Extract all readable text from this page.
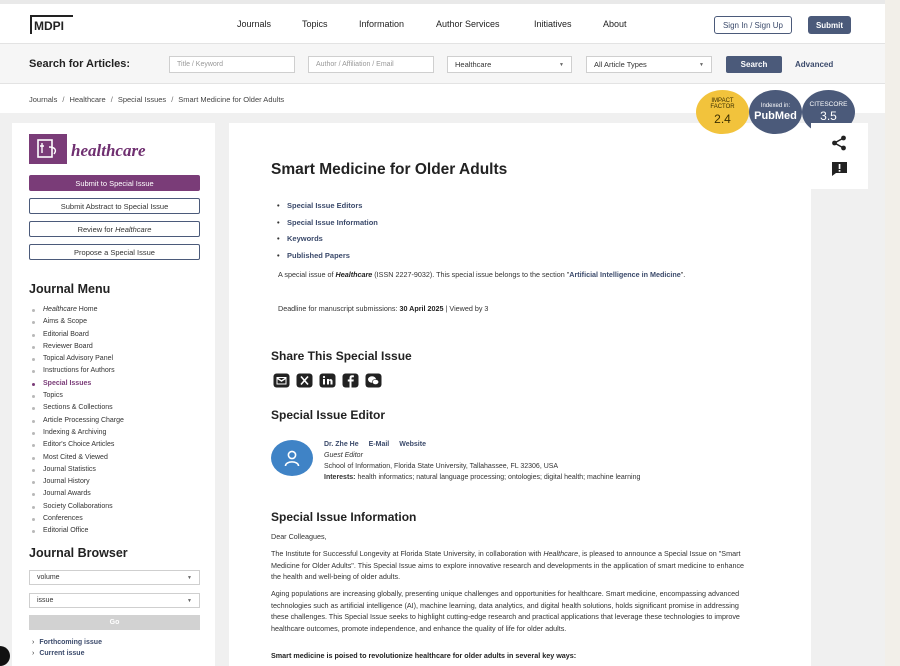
MDPI	Journals	Topics	Information	Author Services	Initiatives	About	Sign In / Sign Up	Submit
Search for Articles:	Title / Keyword	Author / Affiliation / Email	Healthcare	▼	All Article Types	▼	Search	Advanced
Journals / Healthcare / Special Issues / Smart Medicine for Older Adults
healthcare
Submit to Special Issue
Submit Abstract to Special Issue
Review for Healthcare
Propose a Special Issue
Journal Menu
Healthcare Home
Aims & Scope
Editorial Board
Reviewer Board
Topical Advisory Panel
Instructions for Authors
Special Issues
Topics
Sections & Collections
Article Processing Charge
Indexing & Archiving
Editor's Choice Articles
Most Cited & Viewed
Journal Statistics
Journal History
Journal Awards
Society Collaborations
Conferences
Editorial Office
Journal Browser
volume	▼
issue	▼
Go
› Forthcoming issue
› Current issue
Smart Medicine for Older Adults
• Special Issue Editors
• Special Issue Information
• Keywords
• Published Papers
A special issue of Healthcare (ISSN 2227-9032). This special issue belongs to the section "Artificial Intelligence in Medicine".
Deadline for manuscript submissions: 30 April 2025 | Viewed by 3
Share This Special Issue
Special Issue Editor
Dr. Zhe He E-Mail Website
Guest Editor
School of Information, Florida State University, Tallahassee, FL 32306, USA
Interests: health informatics; natural language processing; ontologies; digital health; machine learning
Special Issue Information
Dear Colleagues,
The Institute for Successful Longevity at Florida State University, in collaboration with Healthcare, is pleased to announce a Special Issue on "Smart Medicine for Older Adults". This Special Issue aims to explore innovative research and developments in the application of smart medicine to enhance the health and well-being of older adults.
Aging populations are increasing globally, presenting unique challenges and opportunities for healthcare. Smart medicine, encompassing advanced technologies such as artificial intelligence (AI), machine learning, data analytics, and digital health solutions, holds significant promise in addressing these challenges. This Special Issue seeks to highlight cutting-edge research and practical applications that leverage these technologies to improve healthcare outcomes, promote independence, and enhance the quality of life for older adults.
Smart medicine is poised to revolutionize healthcare for older adults in several key ways:
IMPACT
FACTOR
2.4
Indexed in:
PubMed
CITESCORE
3.5
